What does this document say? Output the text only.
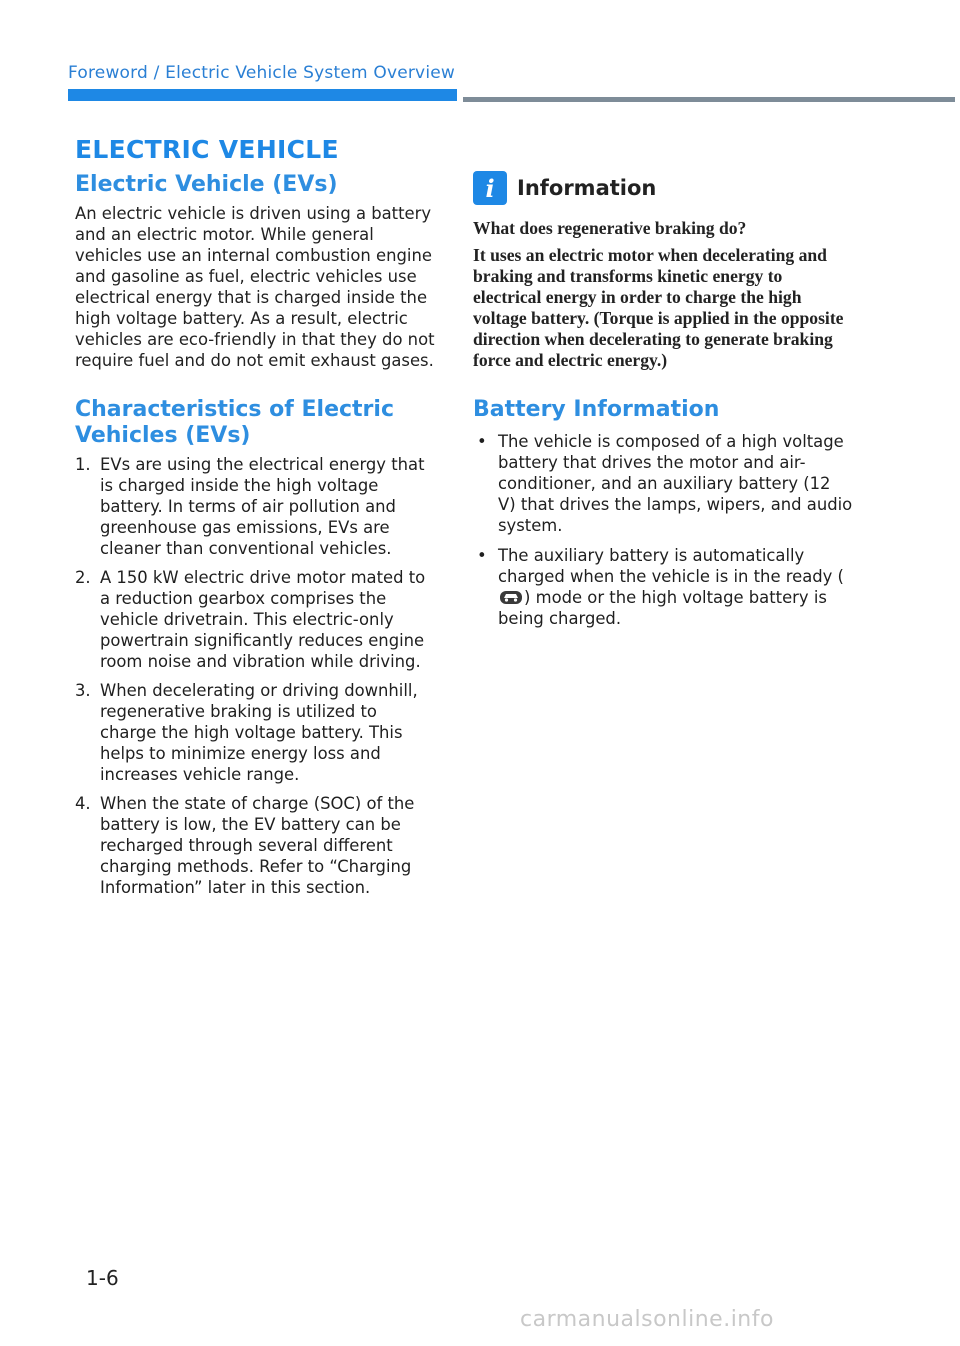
Foreword / Electric Vehicle System Overview
ELECTRIC VEHICLE
Electric Vehicle (EVs)

An electric vehicle is driven using a battery and an electric motor. While general vehicles use an internal combustion engine and gasoline as fuel, electric vehicles use electrical energy that is charged inside the high voltage battery. As a result, electric vehicles are eco-friendly in that they do not require fuel and do not emit exhaust gases.

Characteristics of Electric Vehicles (EVs)
1. EVs are using the electrical energy that is charged inside the high voltage battery. In terms of air pollution and greenhouse gas emissions, EVs are cleaner than conventional vehicles.
2. A 150 kW electric drive motor mated to a reduction gearbox comprises the vehicle drivetrain. This electric-only powertrain significantly reduces engine room noise and vibration while driving.
3. When decelerating or driving downhill, regenerative braking is utilized to charge the high voltage battery. This helps to minimize energy loss and increases vehicle range.
4. When the state of charge (SOC) of the battery is low, the EV battery can be recharged through several different charging methods. Refer to “Charging Information” later in this section.
i	Information

What does regenerative braking do?

It uses an electric motor when decelerating and braking and transforms kinetic energy to electrical energy in order to charge the high voltage battery. (Torque is applied in the opposite direction when decelerating to generate braking force and electric energy.)

Battery Information
• The vehicle is composed of a high voltage battery that drives the motor and air-conditioner, and an auxiliary battery (12 V) that drives the lamps, wipers, and audio system.
• The auxiliary battery is automatically charged when the vehicle is in the ready () mode or the high voltage battery is being charged.
1-6
carmanualsonline.info
